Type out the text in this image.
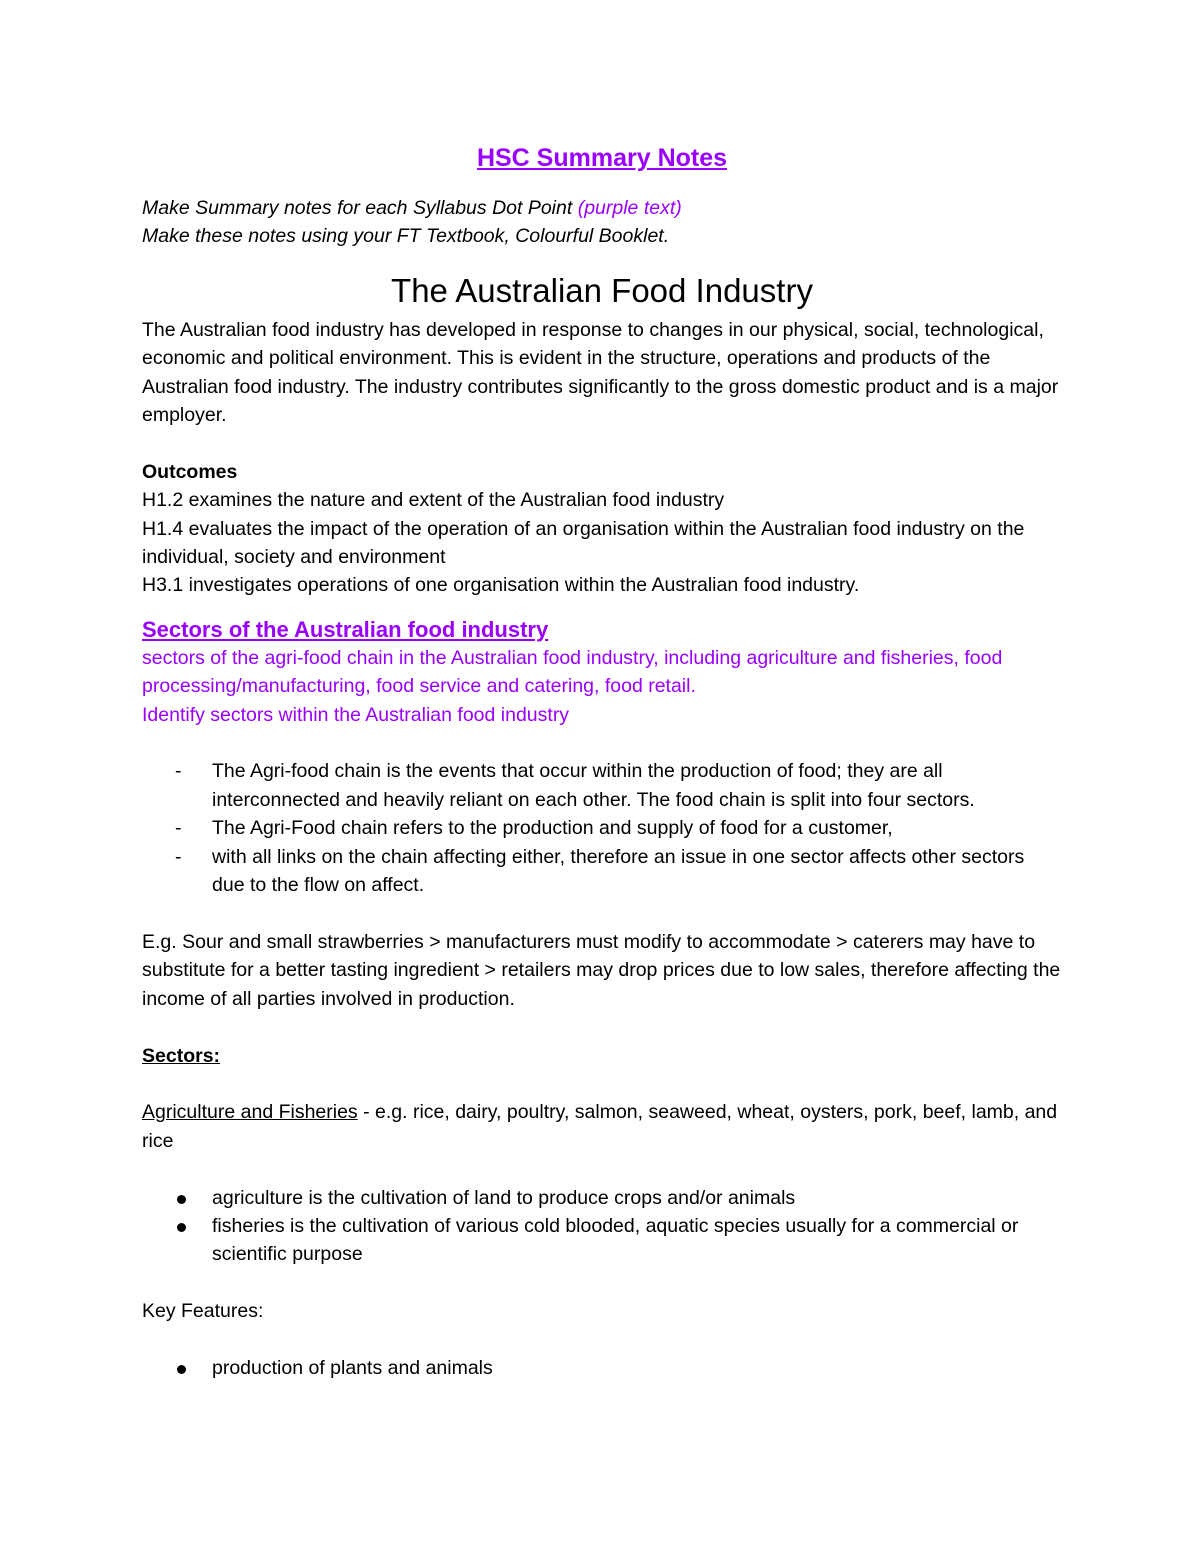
HSC Summary Notes

Make Summary notes for each Syllabus Dot Point (purple text)

Make these notes using your FT Textbook, Colourful Booklet.

The Australian Food Industry

The Australian food industry has developed in response to changes in our physical, social, technological, economic and political environment. This is evident in the structure, operations and products of the Australian food industry. The industry contributes significantly to the gross domestic product and is a major employer.

Outcomes

H1.2 examines the nature and extent of the Australian food industry

H1.4 evaluates the impact of the operation of an organisation within the Australian food industry on the individual, society and environment

H3.1 investigates operations of one organisation within the Australian food industry.

Sectors of the Australian food industry

sectors of the agri-food chain in the Australian food industry, including agriculture and fisheries, food processing/manufacturing, food service and catering, food retail.

Identify sectors within the Australian food industry

- The Agri-food chain is the events that occur within the production of food; they are all interconnected and heavily reliant on each other. The food chain is split into four sectors.
- The Agri-Food chain refers to the production and supply of food for a customer,
- with all links on the chain affecting either, therefore an issue in one sector affects other sectors due to the flow on affect.

E.g. Sour and small strawberries > manufacturers must modify to accommodate > caterers may have to substitute for a better tasting ingredient > retailers may drop prices due to low sales, therefore affecting the income of all parties involved in production.

Sectors:

Agriculture and Fisheries - e.g. rice, dairy, poultry, salmon, seaweed, wheat, oysters, pork, beef, lamb, and rice

agriculture is the cultivation of land to produce crops and/or animals
fisheries is the cultivation of various cold blooded, aquatic species usually for a commercial or scientific purpose

Key Features:

production of plants and animals
